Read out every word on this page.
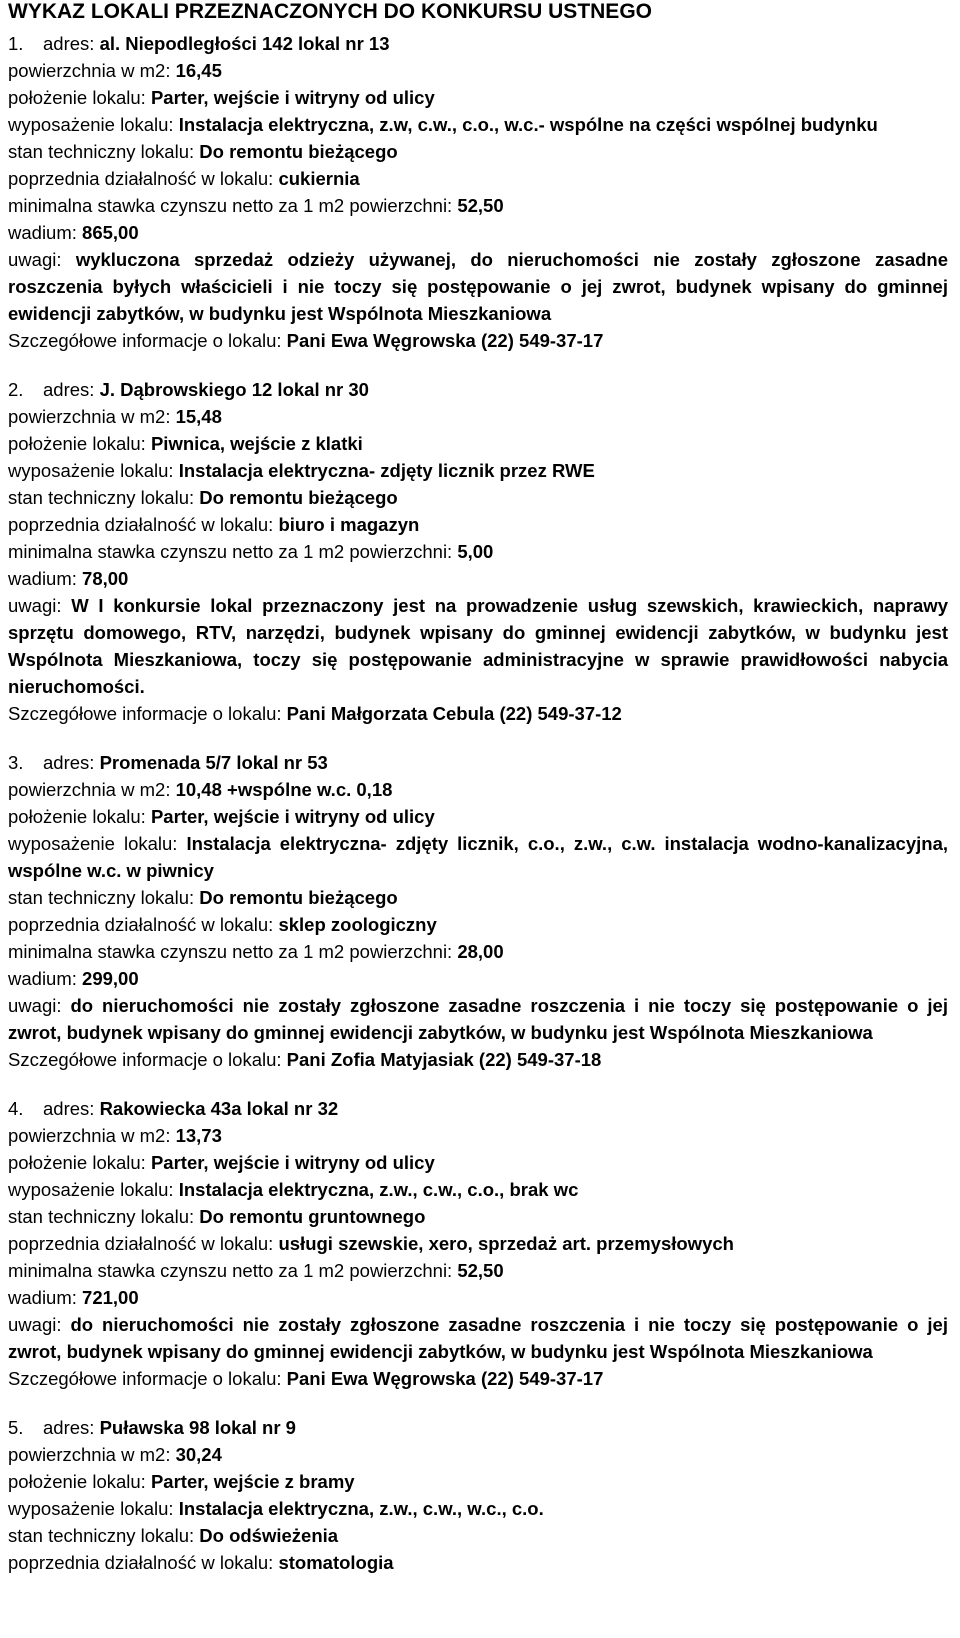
WYKAZ LOKALI PRZEZNACZONYCH DO KONKURSU USTNEGO
1. adres: al. Niepodległości 142 lokal nr 13
powierzchnia w m2: 16,45
położenie lokalu: Parter, wejście i witryny od ulicy
wyposażenie lokalu: Instalacja elektryczna, z.w, c.w., c.o., w.c.- wspólne na części wspólnej budynku
stan techniczny lokalu: Do remontu bieżącego
poprzednia działalność w lokalu: cukiernia
minimalna stawka czynszu netto za 1 m2 powierzchni: 52,50
wadium: 865,00
uwagi: wykluczona sprzedaż odzieży używanej, do nieruchomości nie zostały zgłoszone zasadne roszczenia byłych właścicieli i nie toczy się postępowanie o jej zwrot, budynek wpisany do gminnej ewidencji zabytków, w budynku jest Wspólnota Mieszkaniowa
Szczegółowe informacje o lokalu: Pani Ewa Węgrowska (22) 549-37-17
2. adres: J. Dąbrowskiego 12 lokal nr 30
powierzchnia w m2: 15,48
położenie lokalu: Piwnica, wejście z klatki
wyposażenie lokalu: Instalacja elektryczna- zdjęty licznik przez RWE
stan techniczny lokalu: Do remontu bieżącego
poprzednia działalność w lokalu: biuro i magazyn
minimalna stawka czynszu netto za 1 m2 powierzchni: 5,00
wadium: 78,00
uwagi: W I konkursie lokal przeznaczony jest na prowadzenie usług szewskich, krawieckich, naprawy sprzętu domowego, RTV, narzędzi, budynek wpisany do gminnej ewidencji zabytków, w budynku jest Wspólnota Mieszkaniowa, toczy się postępowanie administracyjne w sprawie prawidłowości nabycia nieruchomości.
Szczegółowe informacje o lokalu: Pani Małgorzata Cebula (22) 549-37-12
3. adres: Promenada 5/7 lokal nr 53
powierzchnia w m2: 10,48 +wspólne w.c. 0,18
położenie lokalu: Parter, wejście i witryny od ulicy
wyposażenie lokalu: Instalacja elektryczna- zdjęty licznik, c.o., z.w., c.w. instalacja wodno-kanalizacyjna, wspólne w.c. w piwnicy
stan techniczny lokalu: Do remontu bieżącego
poprzednia działalność w lokalu: sklep zoologiczny
minimalna stawka czynszu netto za 1 m2 powierzchni: 28,00
wadium: 299,00
uwagi: do nieruchomości nie zostały zgłoszone zasadne roszczenia i nie toczy się postępowanie o jej zwrot, budynek wpisany do gminnej ewidencji zabytków, w budynku jest Wspólnota Mieszkaniowa
Szczegółowe informacje o lokalu: Pani Zofia Matyjasiak (22) 549-37-18
4. adres: Rakowiecka 43a lokal nr 32
powierzchnia w m2: 13,73
położenie lokalu: Parter, wejście i witryny od ulicy
wyposażenie lokalu: Instalacja elektryczna, z.w., c.w., c.o., brak wc
stan techniczny lokalu: Do remontu gruntownego
poprzednia działalność w lokalu: usługi szewskie, xero, sprzedaż art. przemysłowych
minimalna stawka czynszu netto za 1 m2 powierzchni: 52,50
wadium: 721,00
uwagi: do nieruchomości nie zostały zgłoszone zasadne roszczenia i nie toczy się postępowanie o jej zwrot, budynek wpisany do gminnej ewidencji zabytków, w budynku jest Wspólnota Mieszkaniowa
Szczegółowe informacje o lokalu: Pani Ewa Węgrowska (22) 549-37-17
5. adres: Puławska 98 lokal nr 9
powierzchnia w m2: 30,24
położenie lokalu: Parter, wejście z bramy
wyposażenie lokalu: Instalacja elektryczna, z.w., c.w., w.c., c.o.
stan techniczny lokalu: Do odświeżenia
poprzednia działalność w lokalu: stomatologia
